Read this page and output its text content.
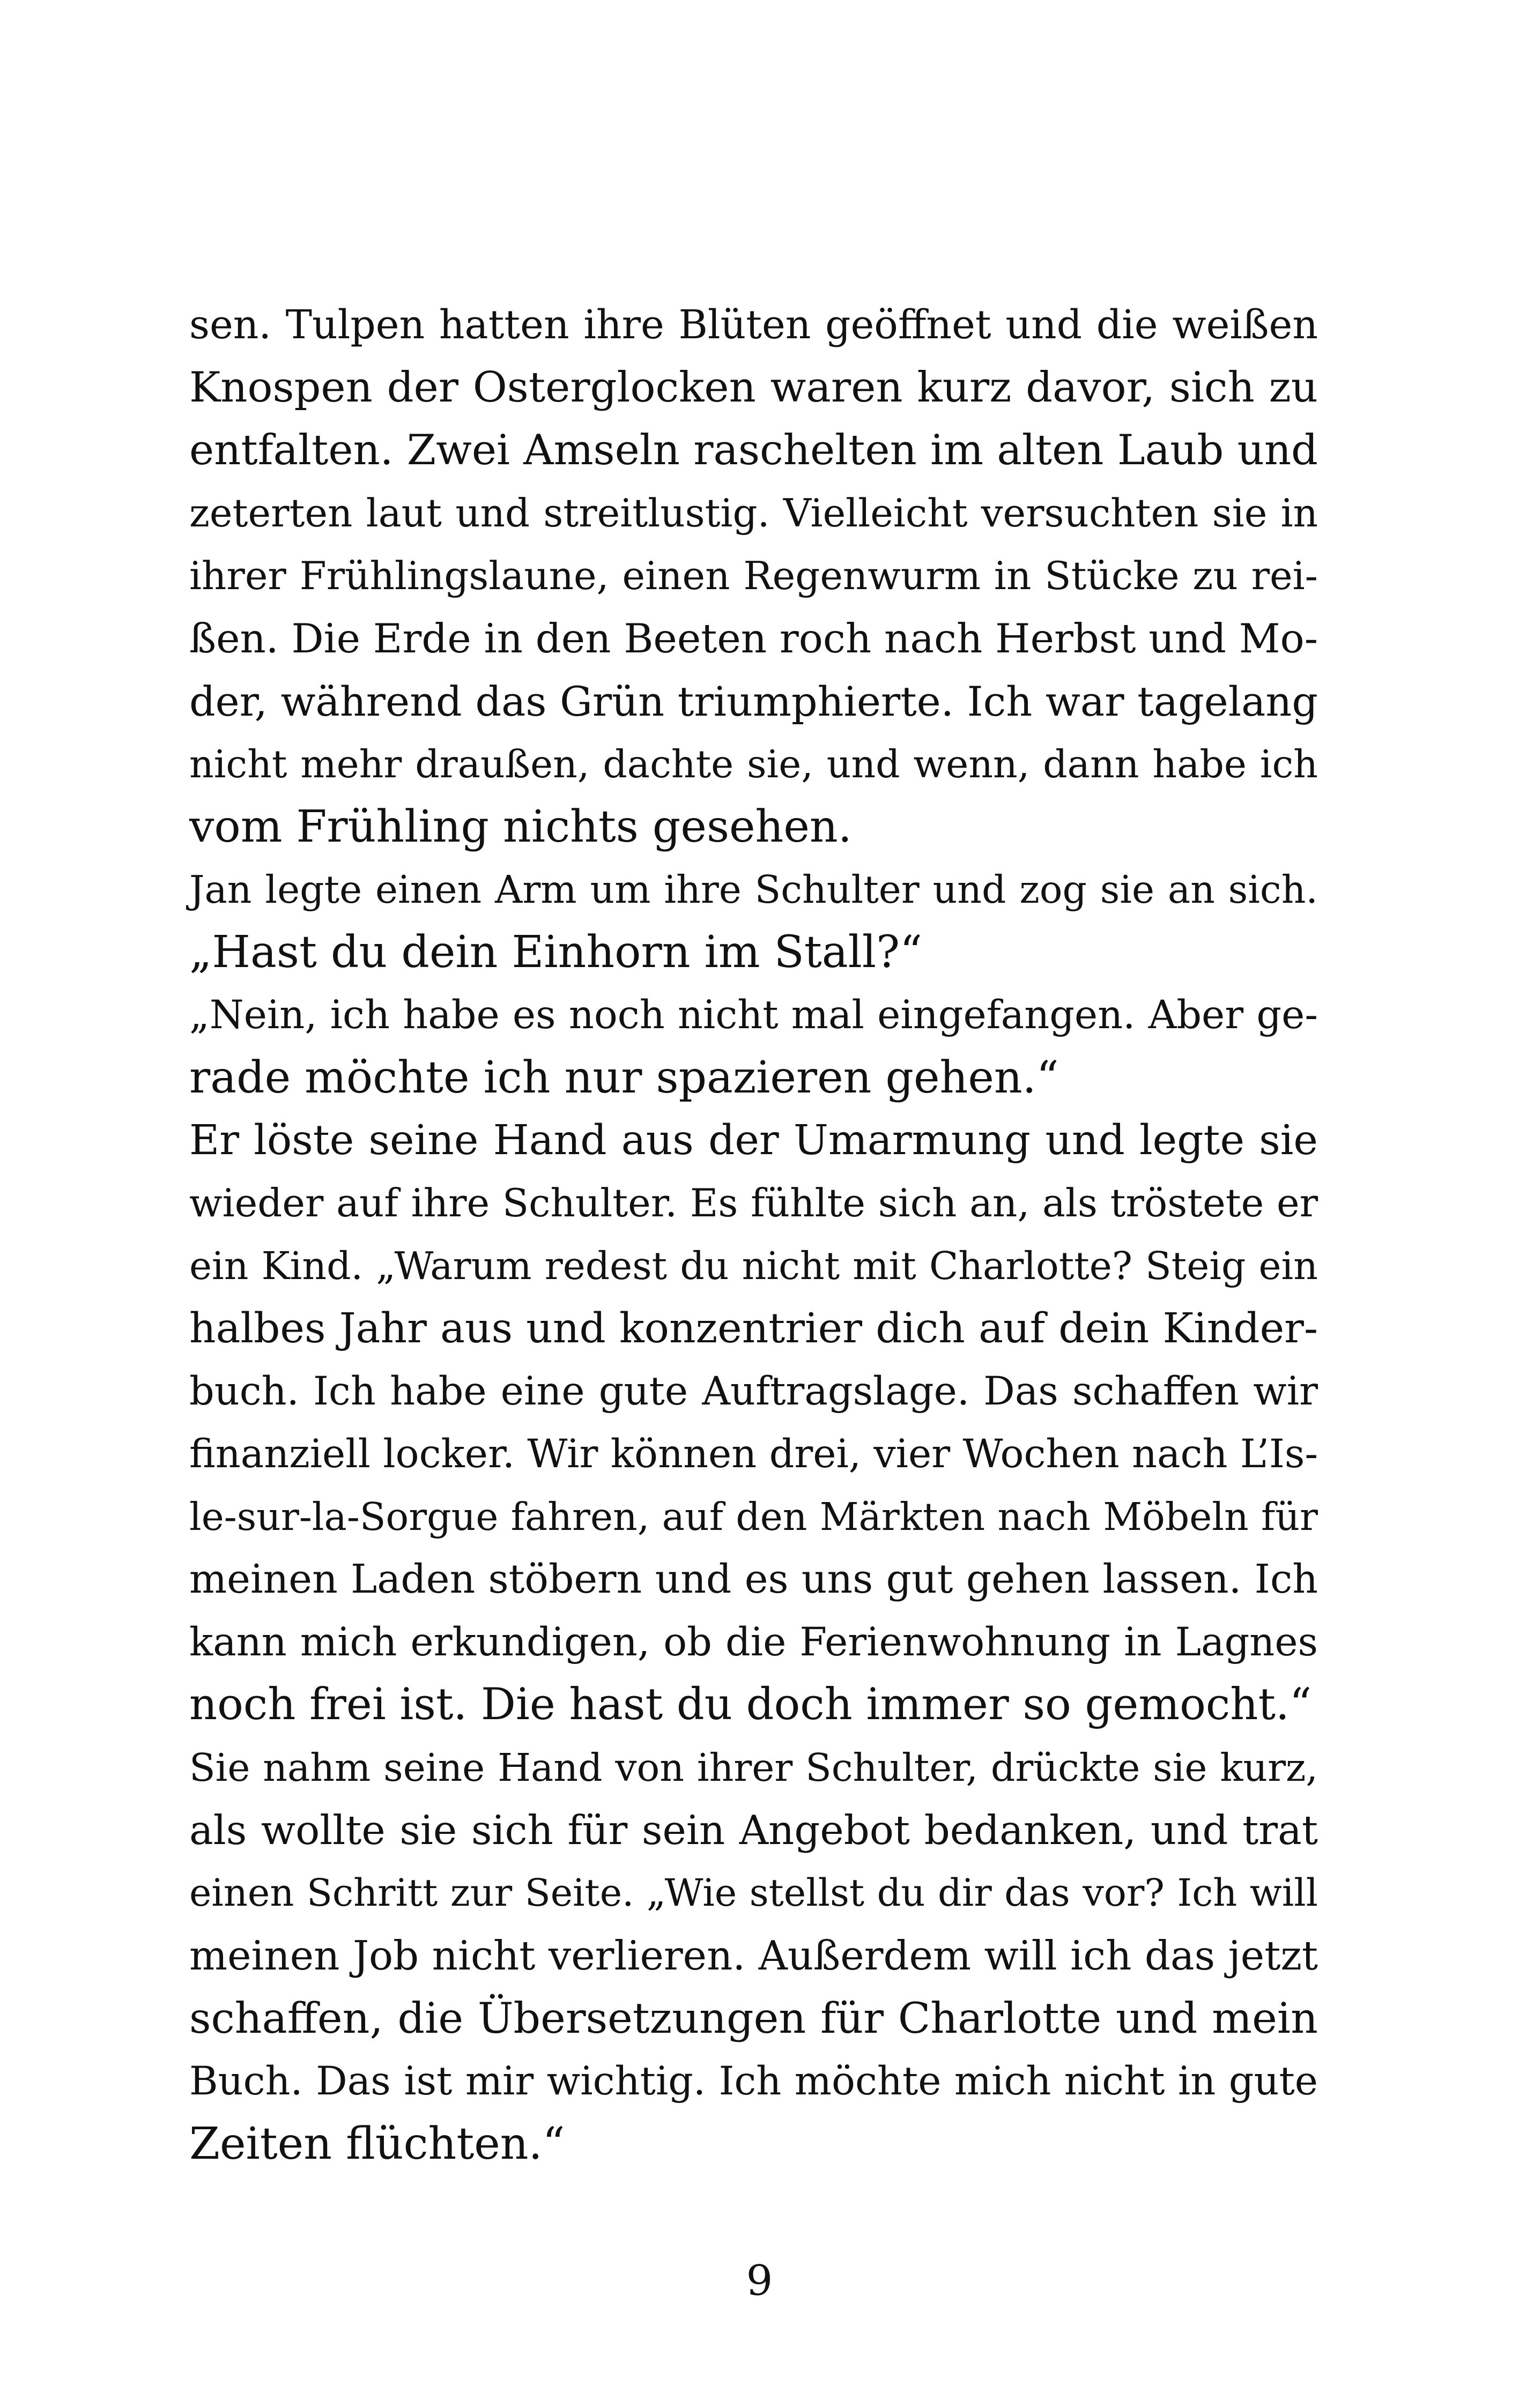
sen. Tulpen hatten ihre Blüten geöffnet und die weißen
Knospen der Osterglocken waren kurz davor, sich zu
entfalten. Zwei Amseln raschelten im alten Laub und
zeterten laut und streitlustig. Vielleicht versuchten sie in
ihrer Frühlingslaune, einen Regenwurm in Stücke zu rei-
ßen. Die Erde in den Beeten roch nach Herbst und Mo-
der, während das Grün triumphierte. Ich war tagelang
nicht mehr draußen, dachte sie, und wenn, dann habe ich
vom Frühling nichts gesehen.
Jan legte einen Arm um ihre Schulter und zog sie an sich.
„Hast du dein Einhorn im Stall?“
„Nein, ich habe es noch nicht mal eingefangen. Aber ge-
rade möchte ich nur spazieren gehen.“
Er löste seine Hand aus der Umarmung und legte sie
wieder auf ihre Schulter. Es fühlte sich an, als tröstete er
ein Kind. „Warum redest du nicht mit Charlotte? Steig ein
halbes Jahr aus und konzentrier dich auf dein Kinder-
buch. Ich habe eine gute Auftragslage. Das schaffen wir
finanziell locker. Wir können drei, vier Wochen nach L’Is-
le-sur-la-Sorgue fahren, auf den Märkten nach Möbeln für
meinen Laden stöbern und es uns gut gehen lassen. Ich
kann mich erkundigen, ob die Ferienwohnung in Lagnes
noch frei ist. Die hast du doch immer so gemocht.“
Sie nahm seine Hand von ihrer Schulter, drückte sie kurz,
als wollte sie sich für sein Angebot bedanken, und trat
einen Schritt zur Seite. „Wie stellst du dir das vor? Ich will
meinen Job nicht verlieren. Außerdem will ich das jetzt
schaffen, die Übersetzungen für Charlotte und mein
Buch. Das ist mir wichtig. Ich möchte mich nicht in gute
Zeiten flüchten.“
9
